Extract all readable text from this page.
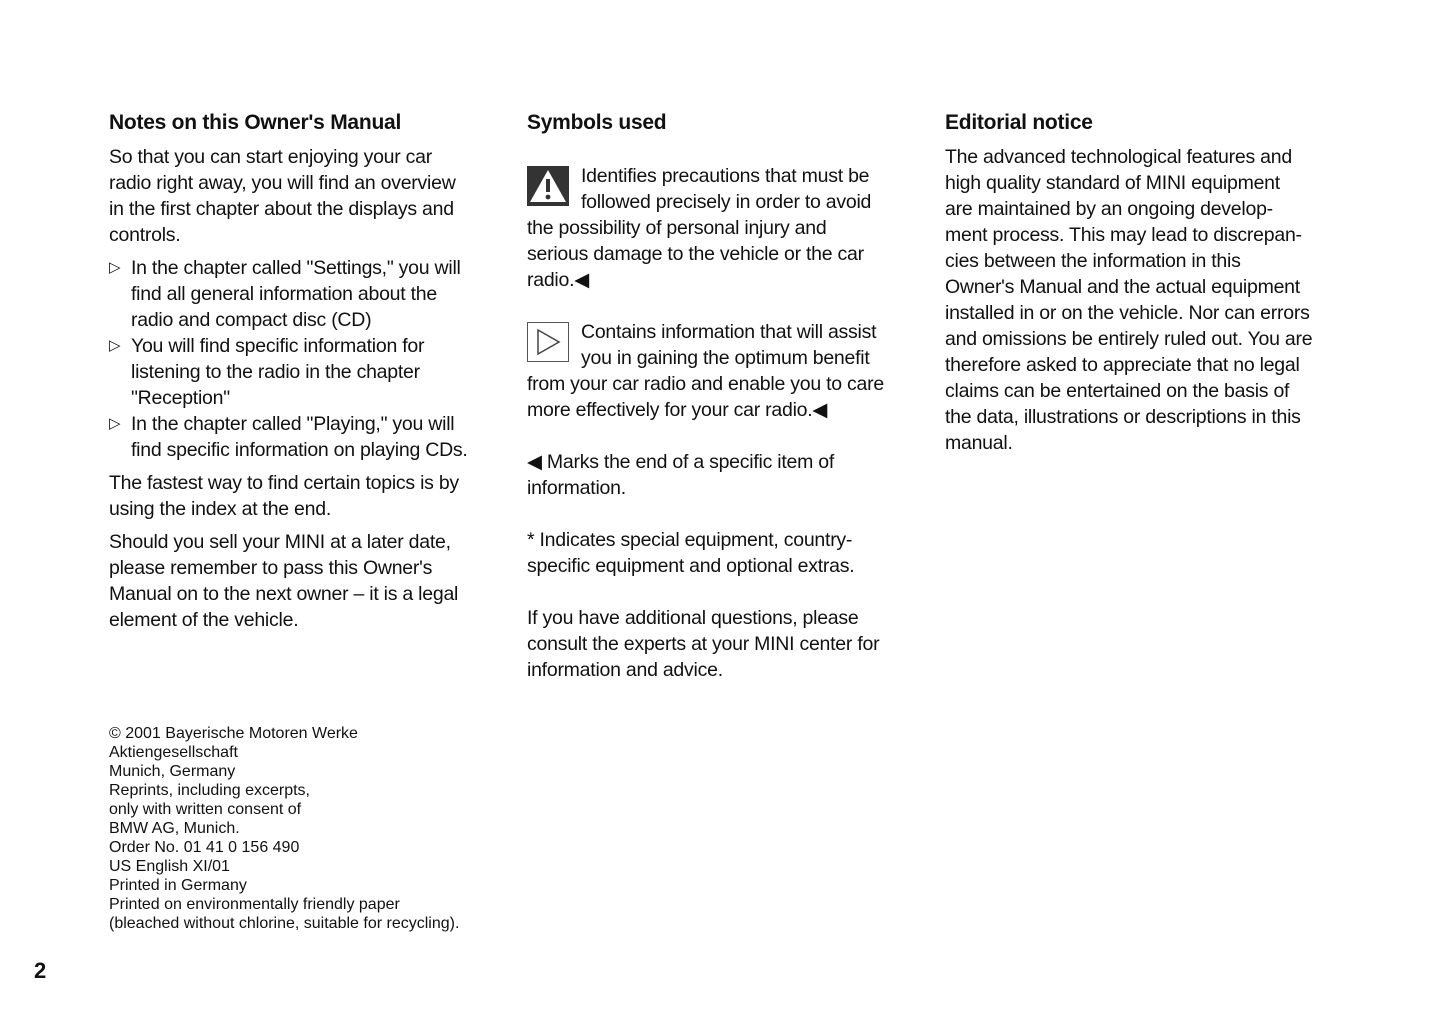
Notes on this Owner's Manual
So that you can start enjoying your car
radio right away, you will find an overview
in the first chapter about the displays and
controls.
▷ In the chapter called "Settings," you will
find all general information about the
radio and compact disc (CD)
▷ You will find specific information for
listening to the radio in the chapter
"Reception"
▷ In the chapter called "Playing," you will
find specific information on playing CDs.
The fastest way to find certain topics is by
using the index at the end.
Should you sell your MINI at a later date,
please remember to pass this Owner's
Manual on to the next owner – it is a legal
element of the vehicle.
Symbols used
Identifies precautions that must be
followed precisely in order to avoid
the possibility of personal injury and
serious damage to the vehicle or the car
radio.◀
Contains information that will assist
you in gaining the optimum benefit
from your car radio and enable you to care
more effectively for your car radio.◀
◀ Marks the end of a specific item of
information.
* Indicates special equipment, country-
specific equipment and optional extras.
If you have additional questions, please
consult the experts at your MINI center for
information and advice.
Editorial notice
The advanced technological features and
high quality standard of MINI equipment
are maintained by an ongoing develop-
ment process. This may lead to discrepan-
cies between the information in this
Owner's Manual and the actual equipment
installed in or on the vehicle. Nor can errors
and omissions be entirely ruled out. You are
therefore asked to appreciate that no legal
claims can be entertained on the basis of
the data, illustrations or descriptions in this
manual.
© 2001 Bayerische Motoren Werke
Aktiengesellschaft
Munich, Germany
Reprints, including excerpts,
only with written consent of
BMW AG, Munich.
Order No. 01 41 0 156 490
US English XI/01
Printed in Germany
Printed on environmentally friendly paper
(bleached without chlorine, suitable for recycling).
2
